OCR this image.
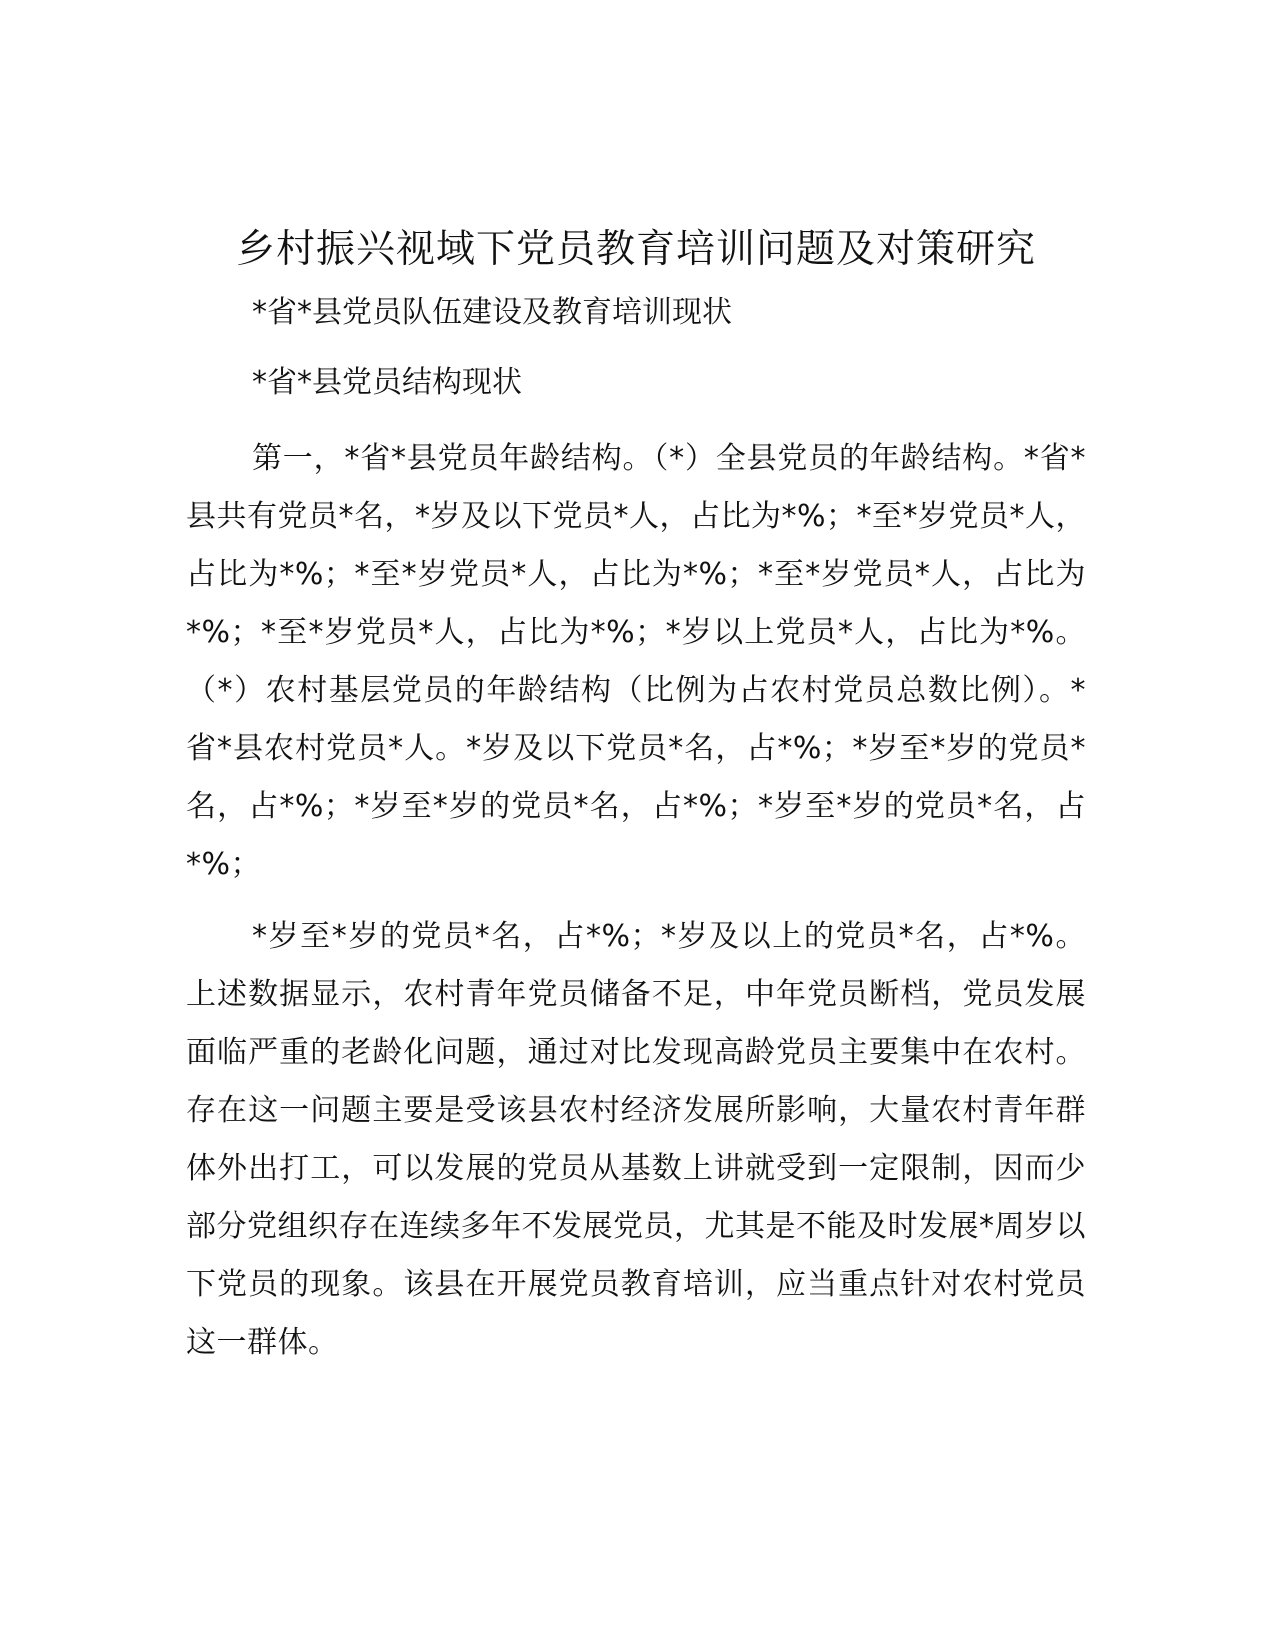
乡村振兴视域下党员教育培训问题及对策研究

*省*县党员队伍建设及教育培训现状

*省*县党员结构现状

第一，*省*县党员年龄结构。（*）全县党员的年龄结构。*省*县共有党员*名，*岁及以下党员*人，占比为*%；*至*岁党员*人，占比为*%；*至*岁党员*人，占比为*%；*至*岁党员*人，占比为*%；*至*岁党员*人，占比为*%；*岁以上党员*人，占比为*%。（*）农村基层党员的年龄结构（比例为占农村党员总数比例）。*省*县农村党员*人。*岁及以下党员*名，占*%；*岁至*岁的党员*名，占*%；*岁至*岁的党员*名，占*%；*岁至*岁的党员*名，占*%；

*岁至*岁的党员*名，占*%；*岁及以上的党员*名，占*%。上述数据显示，农村青年党员储备不足，中年党员断档，党员发展面临严重的老龄化问题，通过对比发现高龄党员主要集中在农村。存在这一问题主要是受该县农村经济发展所影响，大量农村青年群体外出打工，可以发展的党员从基数上讲就受到一定限制，因而少部分党组织存在连续多年不发展党员，尤其是不能及时发展*周岁以下党员的现象。该县在开展党员教育培训，应当重点针对农村党员这一群体。
